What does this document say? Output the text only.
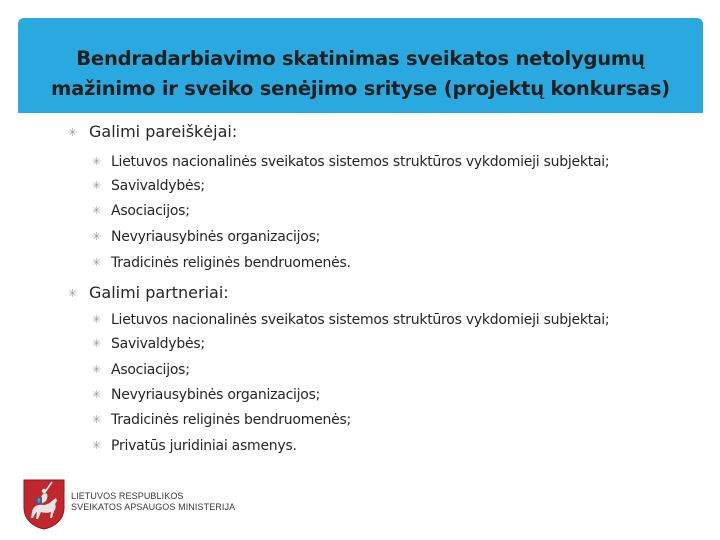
Bendradarbiavimo skatinimas sveikatos netolygumų
mažinimo ir sveiko senėjimo srityse (projektų konkursas)
✳ Galimi pareiškėjai:
✳ Lietuvos nacionalinės sveikatos sistemos struktūros vykdomieji subjektai;
✳ Savivaldybės;
✳ Asociacijos;
✳ Nevyriausybinės organizacijos;
✳ Tradicinės religinės bendruomenės.
✳ Galimi partneriai:
✳ Lietuvos nacionalinės sveikatos sistemos struktūros vykdomieji subjektai;
✳ Savivaldybės;
✳ Asociacijos;
✳ Nevyriausybinės organizacijos;
✳ Tradicinės religinės bendruomenės;
✳ Privatūs juridiniai asmenys.
LIETUVOS RESPUBLIKOS
SVEIKATOS APSAUGOS MINISTERIJA
